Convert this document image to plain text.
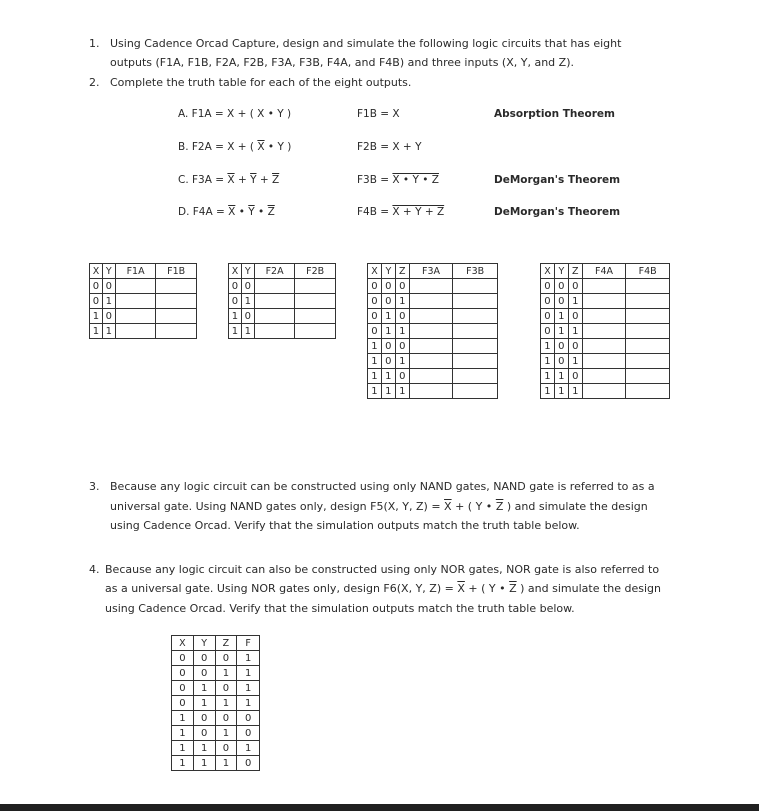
1. Using Cadence Orcad Capture, design and simulate the following logic circuits that has eight
outputs (F1A, F1B, F2A, F2B, F3A, F3B, F4A, and F4B) and three inputs (X, Y, and Z).
2. Complete the truth table for each of the eight outputs.
A. F1A = X + ( X • Y )	F1B = X	Absorption Theorem
B. F2A = X + ( $\overline{X}$ • Y )	F2B = X + Y
C. $F3A = \overline{X} + \overline{Y} + \overline{Z}$	F3B = X • Y • Z	DeMorgan's Theorem
D. $F4A = \overline{X}$ • $\overline{Y}$ • $\overline{Z}$	F4B = X + Y + Z	DeMorgan's Theorem
X	Y	F1A	F1B
0	0		
0	1		
1	0		
1	1		
X	Y	F2A	F2B
0	0		
0	1		
1	0		
1	1		
X	Y	Z	F3A	F3B
0	0	0		
0	0	1		
0	1	0		
0	1	1		
1	0	0		
1	0	1		
1	1	0		
1	1	1		
X	Y	Z	F4A	F4B
0	0	0		
0	0	1		
0	1	0		
0	1	1		
1	0	0		
1	0	1		
1	1	0		
1	1	1		
3. Because any logic circuit can be constructed using only NAND gates, NAND gate is referred to as a
universal gate. Using NAND gates only, design F5(X, Y, $Z) = \overline{X}$ + ( Y • $\overline{Z}$ ) and simulate the design
using Cadence Orcad. Verify that the simulation outputs match the truth table below.
4. Because any logic circuit can also be constructed using only NOR gates, NOR gate is also referred to
as a universal gate. Using NOR gates only, design F6(X, Y, $Z) = \overline{X}$ + ( Y • $\overline{Z}$ ) and simulate the design
using Cadence Orcad. Verify that the simulation outputs match the truth table below.
X	Y	Z	F
0	0	0	1
0	0	1	1
0	1	0	1
0	1	1	1
1	0	0	0
1	0	1	0
1	1	0	1
1	1	1	0
